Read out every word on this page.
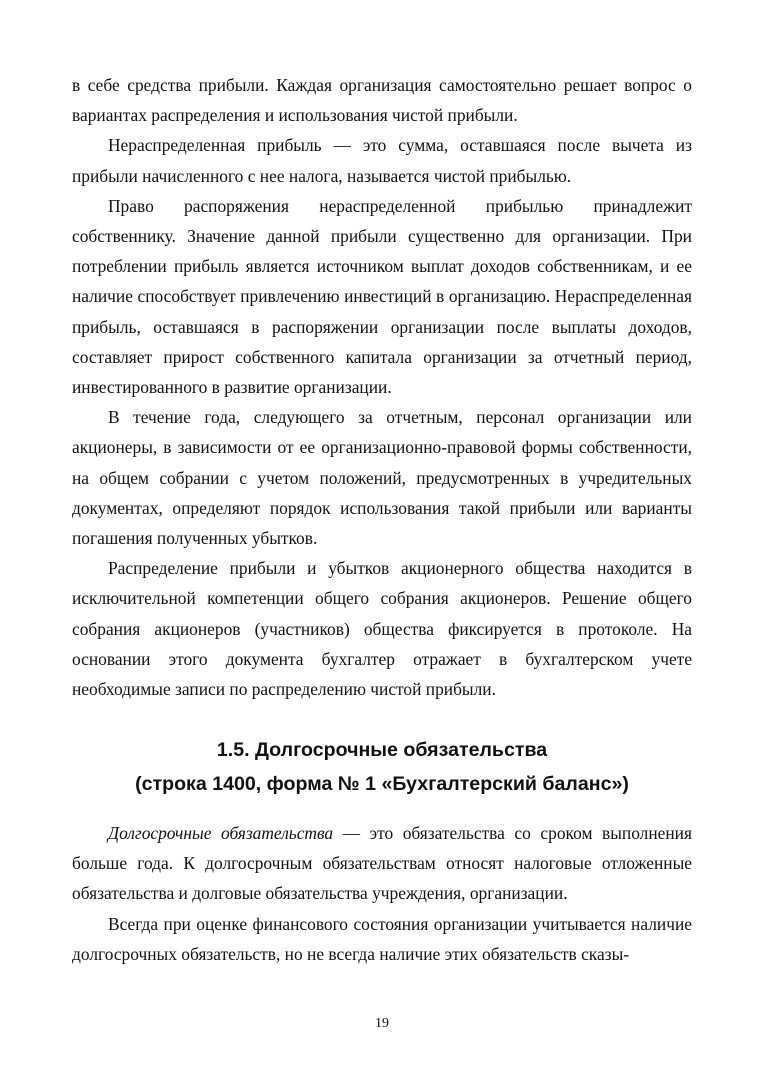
в себе средства прибыли. Каждая организация самостоятельно решает вопрос о вариантах распределения и использования чистой прибыли.

Нераспределенная прибыль — это сумма, оставшаяся после вычета из прибыли начисленного с нее налога, называется чистой прибылью.

Право распоряжения нераспределенной прибылью принадлежит собственнику. Значение данной прибыли существенно для организации. При потреблении прибыль является источником выплат доходов собственникам, и ее наличие способствует привлечению инвестиций в организацию. Нераспределенная прибыль, оставшаяся в распоряжении организации после выплаты доходов, составляет прирост собственного капитала организации за отчетный период, инвестированного в развитие организации.

В течение года, следующего за отчетным, персонал организации или акционеры, в зависимости от ее организационно-правовой формы собственности, на общем собрании с учетом положений, предусмотренных в учредительных документах, определяют порядок использования такой прибыли или варианты погашения полученных убытков.

Распределение прибыли и убытков акционерного общества находится в исключительной компетенции общего собрания акционеров. Решение общего собрания акционеров (участников) общества фиксируется в протоколе. На основании этого документа бухгалтер отражает в бухгалтерском учете необходимые записи по распределению чистой прибыли.

1.5. Долгосрочные обязательства
(строка 1400, форма № 1 «Бухгалтерский баланс»)

Долгосрочные обязательства — это обязательства со сроком выполнения больше года. К долгосрочным обязательствам относят налоговые отложенные обязательства и долговые обязательства учреждения, организации.

Всегда при оценке финансового состояния организации учитывается наличие долгосрочных обязательств, но не всегда наличие этих обязательств сказы-

19
